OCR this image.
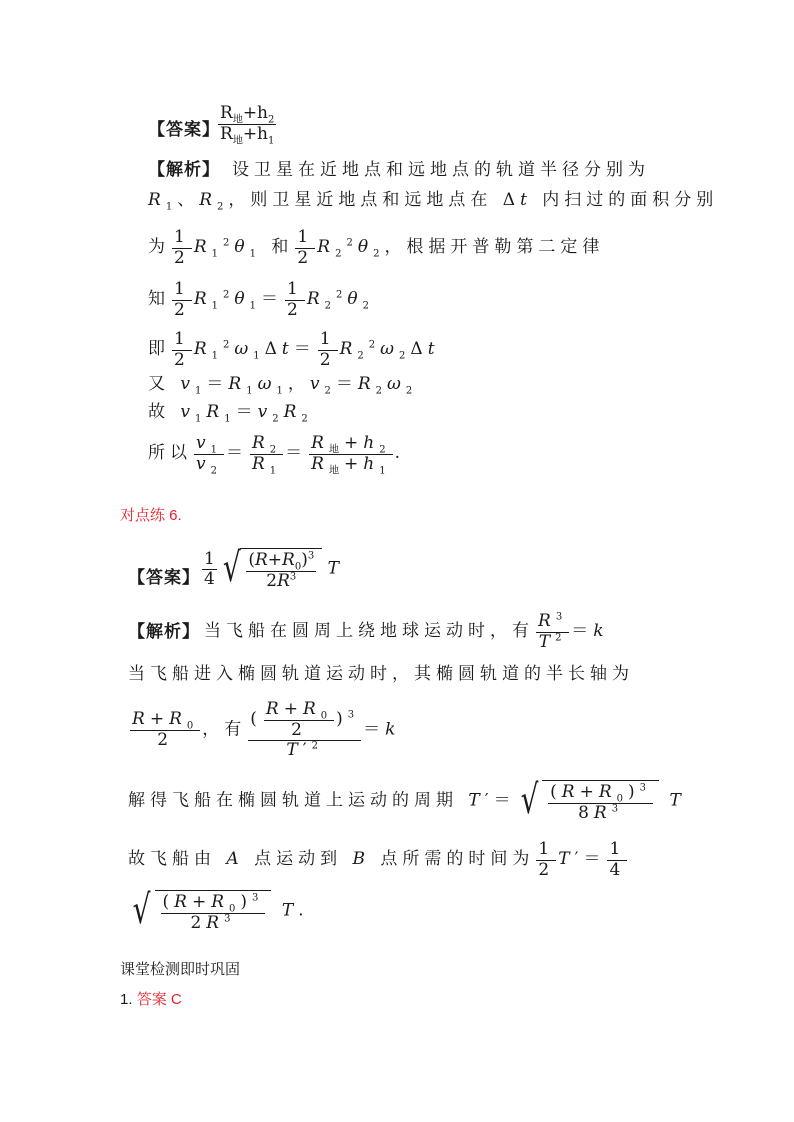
【答案】
$\frac{R_地+h_2}{R_地+h_1}$
【解析】 设卫星在近地点和远地点的轨道半径分别为
$R_1$、$R_2$，则卫星近地点和远地点在 Δt 内扫过的面积分别
为 $\frac{1}{2} R_1^2\theta_1$ 和 $\frac{1}{2} R_2^2\theta_2$，根据开普勒第二定律
知 $\frac{1}{2} R_1^2\theta_1= \frac{1}{2} R_2^2\theta_2$
即 $\frac{1}{2} R_1^2\omega_1\Delta t= \frac{1}{2} R_2^2\omega_2\Delta t$
又 $v_1=R_1\omega_1$，$v_2=R_2\omega_2$
故 $v_1R_1=v_2R_2$
所以 $\frac{v_1}{v_2} = \frac{R_2}{R_1} = \frac{R_地+h_2}{R_地+h_1}$ .
对点练 6.
【答案】 $\frac{1}{4}$ √ $\frac{(R+R_0)^3}{2R^3}$ T
【解析】 当飞船在圆周上绕地球运动时，有 $\frac{R^3}{T^2} =k$
当飞船进入椭圆轨道运动时，其椭圆轨道的半长轴为
$\frac{R+R_0}{2}$ ，有 $\frac{( \frac{R+R_0}{2} )^3}{T'^2} =k$
解得飞船在椭圆轨道上运动的周期 T′＝ √ $\frac{(R+R_0)^3}{8R^3}$ T
故飞船由 A 点运动到 B 点所需的时间为 $\frac{1}{2} T'= \frac{1}{4}$
√ $\frac{(R+R_0)^3}{2R^3} T$.
课堂检测即时巩固
1. 答案 C
